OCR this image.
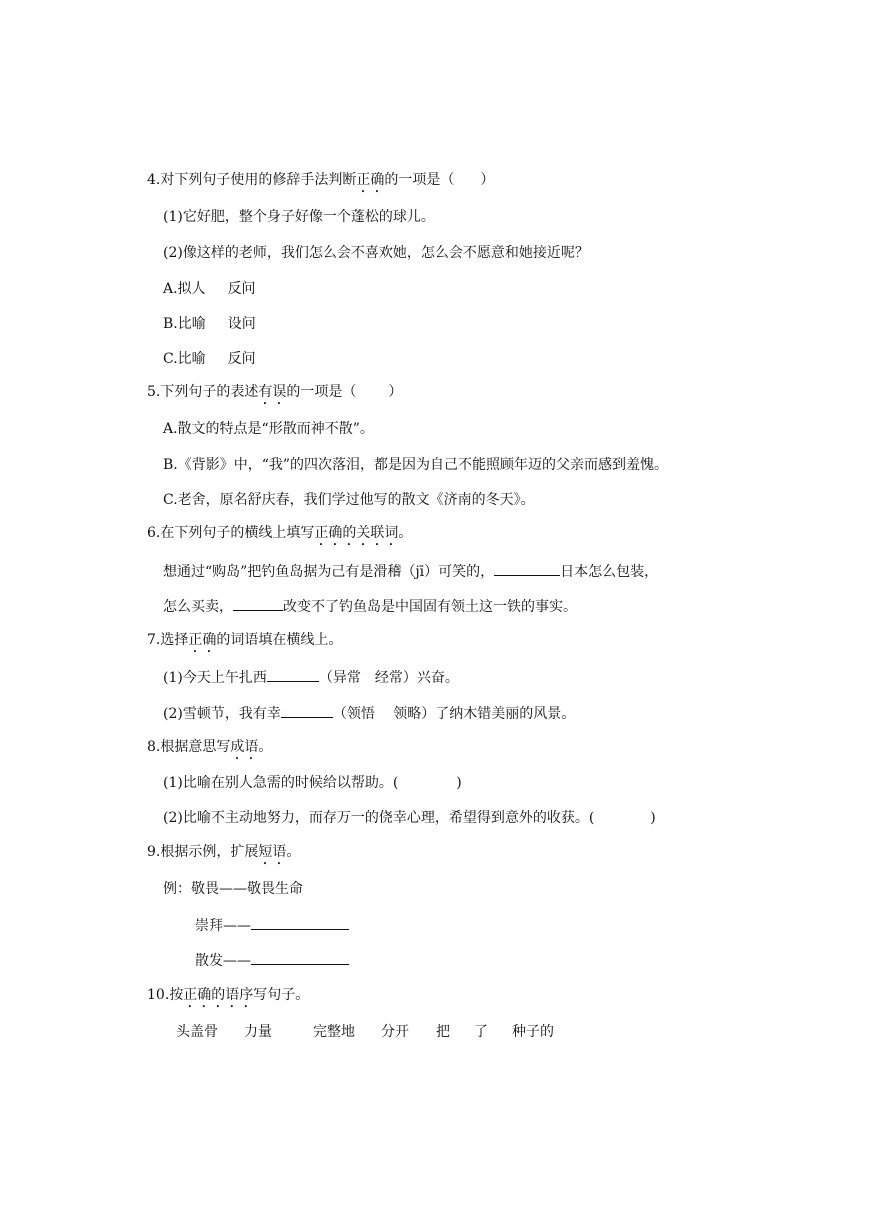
4.对下列句子使用的修辞手法判断正确的一项是（ ）
(1)它好肥，整个身子好像一个蓬松的球儿。
(2)像这样的老师，我们怎么会不喜欢她，怎么会不愿意和她接近呢？
A.拟人 反问
B.比喻 设问
C.比喻 反问
5.下列句子的表述有误的一项是（ ）
A.散文的特点是“形散而神不散”。
B.《背影》中，“我”的四次落泪，都是因为自己不能照顾年迈的父亲而感到羞愧。
C.老舍，原名舒庆春，我们学过他写的散文《济南的冬天》。
6.在下列句子的横线上填写正确的关联词。
想通过“购岛”把钓鱼岛据为己有是滑稽（jī）可笑的，	日本怎么包装，
怎么买卖，	改变不了钓鱼岛是中国固有领土这一铁的事实。
7.选择正确的词语填在横线上。
(1)今天上午扎西	（异常　经常）兴奋。
(2)雪顿节，我有幸	（领悟　 领略）了纳木错美丽的风景。
8.根据意思写成语。
(1)比喻在别人急需的时候给以帮助。(	)
(2)比喻不主动地努力，而存万一的侥幸心理，希望得到意外的收获。(	)
9.根据示例，扩展短语。
例：敬畏——敬畏生命
崇拜——
散发——
10.按正确的语序写句子。
头盖骨 力量	完整地 分开 把 了 种子的
